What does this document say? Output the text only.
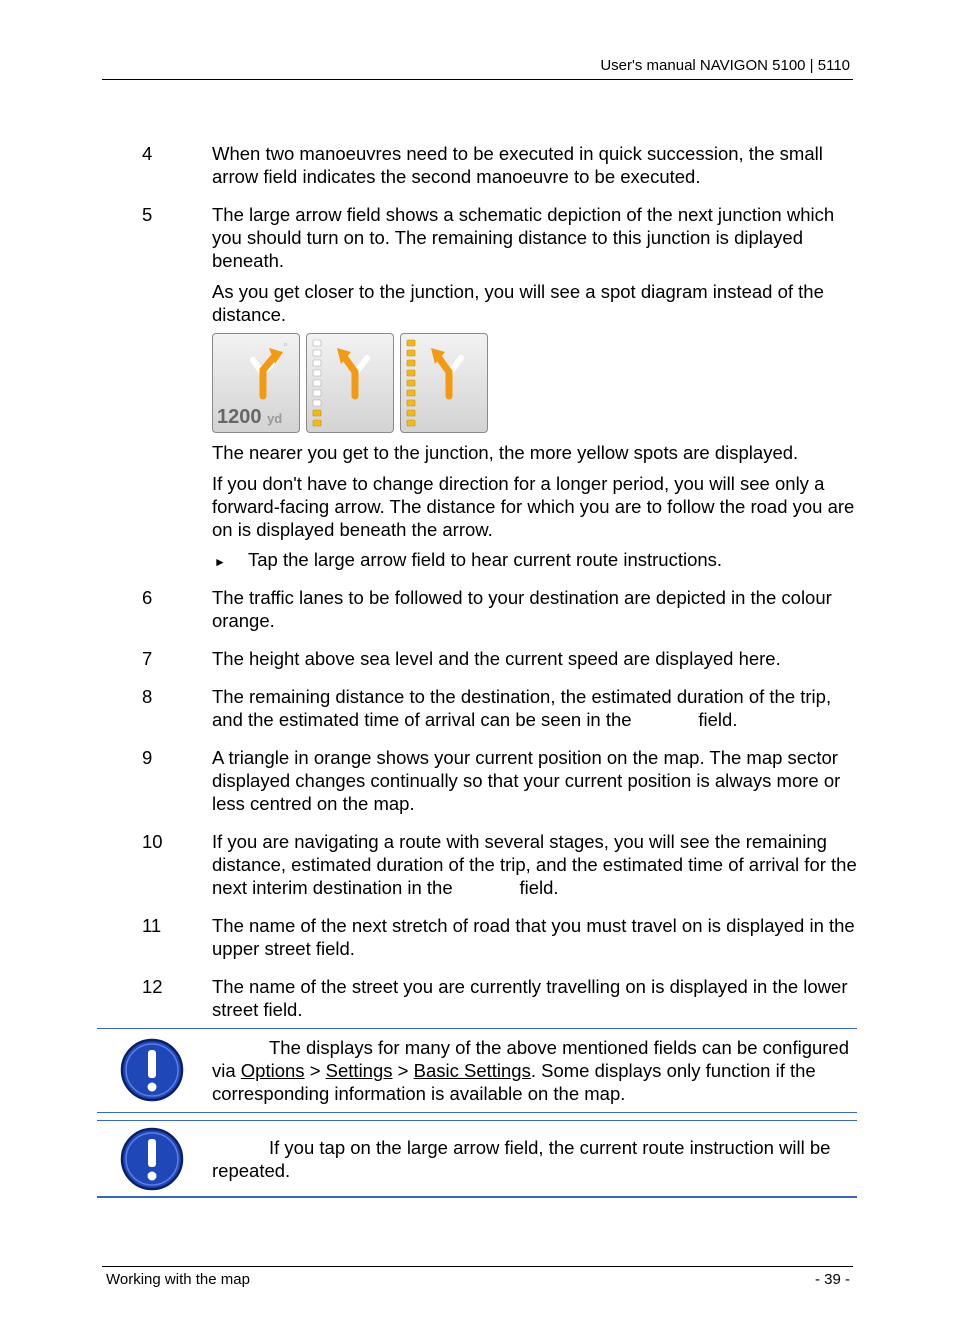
User's manual NAVIGON 5100 | 5110
4	When two manoeuvres need to be executed in quick succession, the small arrow field indicates the second manoeuvre to be executed.

5	The large arrow field shows a schematic depiction of the next junction which you should turn on to. The remaining distance to this junction is diplayed beneath.

As you get closer to the junction, you will see a spot diagram instead of the distance.

◦
1200 yd

The nearer you get to the junction, the more yellow spots are displayed.

If you don't have to change direction for a longer period, you will see only a forward-facing arrow. The distance for which you are to follow the road you are on is displayed beneath the arrow.

► Tap the large arrow field to hear current route instructions.
6	The traffic lanes to be followed to your destination are depicted in the colour orange.
7	The height above sea level and the current speed are displayed here.
8	The remaining distance to the destination, the estimated duration of the trip, and the estimated time of arrival can be seen in the             field.
9	A triangle in orange shows your current position on the map. The map sector displayed changes continually so that your current position is always more or less centred on the map.
10	If you are navigating a route with several stages, you will see the remaining distance, estimated duration of the trip, and the estimated time of arrival for the next interim destination in the             field.
11	The name of the next stretch of road that you must travel on is displayed in the upper street field.
12	The name of the street you are currently travelling on is displayed in the lower street field.
The displays for many of the above mentioned fields can be configured via Options > Settings > Basic Settings. Some displays only function if the corresponding information is available on the map.
If you tap on the large arrow field, the current route instruction will be repeated.
Working with the map	- 39 -
